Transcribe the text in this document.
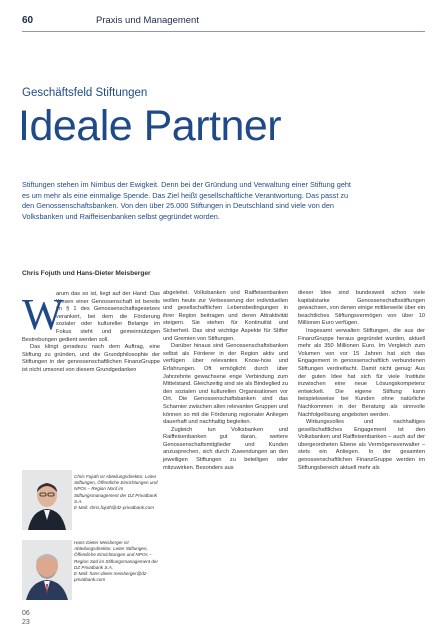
60	Praxis und Management
Geschäftsfeld Stiftungen
Ideale Partner
Stiftungen stehen im Nimbus der Ewigkeit. Denn bei der Gründung und Verwaltung einer Stiftung geht es um mehr als eine einmalige Spende. Das Ziel heißt gesellschaftliche Verantwortung. Das passt zu den Genossenschaftsbanken. Von den über 25.000 Stiftungen in Deutschland sind viele von den Volksbanken und Raiffeisenbanken selbst gegründet worden.
Chris Fojuth und Hans-Dieter Meisberger
W

arum das so ist, liegt auf der Hand: Das Wesen einer Genossenschaft ist bereits im § 1 des Genossenschaftsgesetzes verankert, bei dem die Förderung sozialer oder kultureller Belange im Fokus steht und gemeinnützigen Bestrebungen gedient werden soll.

Das klingt geradezu nach dem Auftrag, eine Stiftung zu gründen, und die Grundphilosophie der Stiftungen in der genossenschaftlichen FinanzGruppe ist nicht umsonst von diesem Grundgedanken

abgeleitet. Volksbanken und Raiffeisenbanken wollen heute zur Verbesserung der individuellen und gesellschaftlichen Lebensbedingungen in ihrer Region beitragen und deren Attraktivität steigern. Sie stehen für Kontinuität und Sicherheit. Das sind wichtige Aspekte für Stifter und Gremien von Stiftungen.

Darüber hinaus sind Genossenschaftsbanken selbst als Förderer in der Region aktiv und verfügen über relevantes Know-how und Erfahrungen. Oft ermöglicht durch über Jahrzehnte gewachsene enge Verbindung zum Mittelstand. Gleichzeitig sind sie als Bindeglied zu den sozialen und kulturellen Organisationen vor Ort. Die Genossenschaftsbanken sind das Scharnier zwischen allen relevanten Gruppen und können so mit die Förderung regionaler Anliegen dauerhaft und nachhaltig begleiten.

Zugleich tun Volksbanken und Raiffeisenbanken gut daran, weitere Genossenschaftsmitglieder und Kunden anzusprechen, sich durch Zuwendungen an den jeweiligen Stiftungen zu beteiligen oder mitzuwirken. Besonders aus

dieser Idee sind bundesweit schon viele kapitalstarke Genossenschaftsstiftungen gewachsen, von denen einige mittlerweile über ein beachtliches Stiftungsvermögen von über 10 Millionen Euro verfügen.

Insgesamt verwalten Stiftungen, die aus der FinanzGruppe heraus gegründet wurden, aktuell mehr als 350 Millionen Euro. Im Vergleich zum Volumen von vor 15 Jahren hat sich das Engagement in genossenschaftlich verbundenen Stiftungen verdreifacht. Damit nicht genug: Aus der guten Idee hat sich für viele Institute inzwischen eine neue Lösungskompetenz entwickelt. Die eigene Stiftung kann beispielsweise bei Kunden ohne natürliche Nachkommen in der Beratung als sinnvolle Nachfolgelösung angeboten werden.

Wirkungsvolles und nachhaltiges gesellschaftliches Engagement ist den Volksbanken und Raiffeisenbanken – auch auf der übergeordneten Ebene als Vermögensverwalter – stets ein Anliegen. In der gesamten genossenschaftlichen FinanzGruppe werden im Stiftungsbereich aktuell mehr als

Chris Fojuth ist Abteilungsdirektor, Leiter Stiftungen, Öffentliche Einrichtungen und NPOs – Region Nord im Stiftungsmanagement der DZ Privatbank S.A.
E-Mail: chris.fojuth@dz-privatbank.com
Hans-Dieter Meisberger ist Abteilungsdirektor, Leiter Stiftungen, Öffentliche Einrichtungen und NPOs – Region Süd im Stiftungsmanagement der DZ Privatbank S.A.
E-Mail: hans-dieter.meisberger@dz-privatbank.com
06
23
